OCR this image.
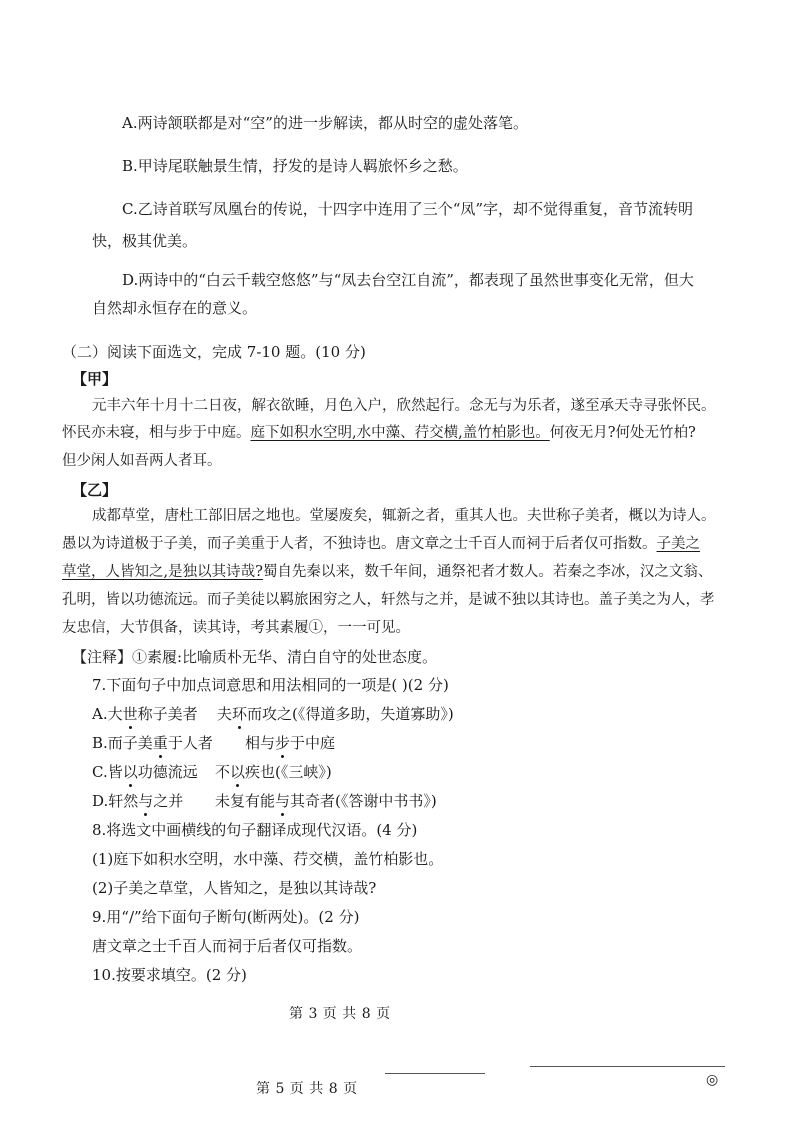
A.两诗颔联都是对“空”的进一步解读，都从时空的虚处落笔。
B.甲诗尾联触景生情，抒发的是诗人羁旅怀乡之愁。
C.乙诗首联写凤凰台的传说，十四字中连用了三个“凤”字，却不觉得重复，音节流转明
快，极其优美。
D.两诗中的“白云千载空悠悠”与“凤去台空江自流”，都表现了虽然世事变化无常，但大
自然却永恒存在的意义。
（二）阅读下面选文，完成 7-10 题。(10 分)
【甲】
元丰六年十月十二日夜，解衣欲睡，月色入户，欣然起行。念无与为乐者，遂至承天寺寻张怀民。
怀民亦未寝，相与步于中庭。庭下如积水空明,水中藻、荇交横,盖竹柏影也。何夜无月?何处无竹柏?
但少闲人如吾两人者耳。
【乙】
成都草堂，唐杜工部旧居之地也。堂屡废矣，辄新之者，重其人也。夫世称子美者，概以为诗人。
愚以为诗道极于子美，而子美重于人者，不独诗也。唐文章之士千百人而祠于后者仅可指数。子美之
草堂，人皆知之,是独以其诗哉?蜀自先秦以来，数千年间，通祭祀者才数人。若秦之李冰，汉之文翁、
孔明，皆以功德流远。而子美徒以羁旅困穷之人，轩然与之并，是诚不独以其诗也。盖子美之为人，孝
友忠信，大节俱备，读其诗，考其素履①，一一可见。
【注释】①素履:比喻质朴无华、清白自守的处世态度。
7.下面句子中加点词意思和用法相同的一项是( )(2 分)
A.大世称子美者 夫环而攻之(《得道多助，失道寡助》)
B.而子美重于人者 相与步于中庭
C.皆以功德流远 不以疾也(《三峡》)
D.轩然与之并 未复有能与其奇者(《答谢中书书》)
8.将选文中画横线的句子翻译成现代汉语。(4 分)
(1)庭下如积水空明，水中藻、荇交横，盖竹柏影也。
(2)子美之草堂，人皆知之，是独以其诗哉?
9.用“/”给下面句子断句(断两处)。(2 分)
唐文章之士千百人而祠于后者仅可指数。
10.按要求填空。(2 分)
第 3 页 共 8 页
第 5 页 共 8 页
◎
